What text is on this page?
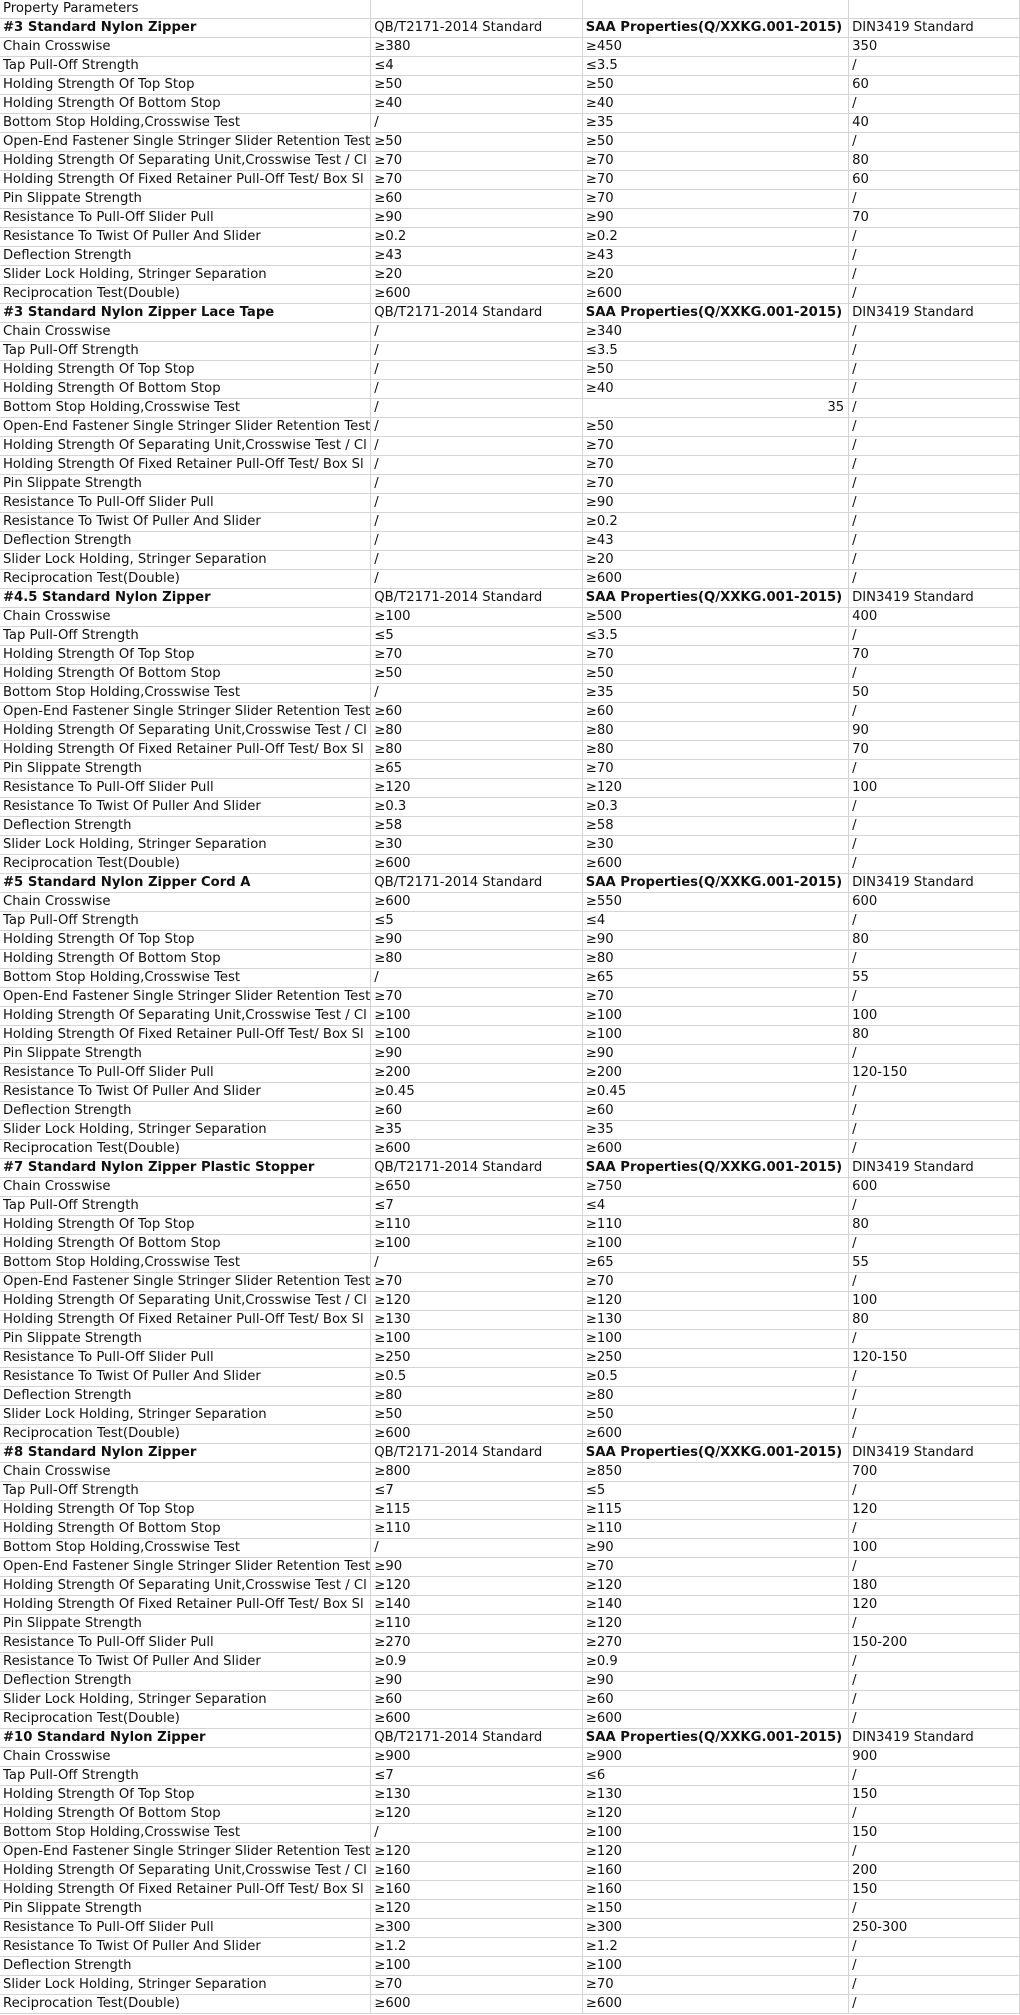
Property Parameters			
#3 Standard Nylon Zipper	QB/T2171-2014 Standard	SAA Properties(Q/XXKG.001-2015)	DIN3419 Standard
Chain Crosswise	≥380	≥450	350
Tap Pull-Off Strength	≤4	≤3.5	/
Holding Strength Of Top Stop	≥50	≥50	60
Holding Strength Of Bottom Stop	≥40	≥40	/
Bottom Stop Holding,Crosswise Test	/	≥35	40
Open-End Fastener Single Stringer Slider Retention Test	≥50	≥50	/
Holding Strength Of Separating Unit,Crosswise Test / Cl	≥70	≥70	80
Holding Strength Of Fixed Retainer Pull-Off Test/ Box Sl	≥70	≥70	60
Pin Slippate Strength	≥60	≥70	/
Resistance To Pull-Off Slider Pull	≥90	≥90	70
Resistance To Twist Of Puller And Slider	≥0.2	≥0.2	/
Deflection Strength	≥43	≥43	/
Slider Lock Holding, Stringer Separation	≥20	≥20	/
Reciprocation Test(Double)	≥600	≥600	/
#3 Standard Nylon Zipper Lace Tape	QB/T2171-2014 Standard	SAA Properties(Q/XXKG.001-2015)	DIN3419 Standard
Chain Crosswise	/	≥340	/
Tap Pull-Off Strength	/	≤3.5	/
Holding Strength Of Top Stop	/	≥50	/
Holding Strength Of Bottom Stop	/	≥40	/
Bottom Stop Holding,Crosswise Test	/	35	/
Open-End Fastener Single Stringer Slider Retention Test	/	≥50	/
Holding Strength Of Separating Unit,Crosswise Test / Cl	/	≥70	/
Holding Strength Of Fixed Retainer Pull-Off Test/ Box Sl	/	≥70	/
Pin Slippate Strength	/	≥70	/
Resistance To Pull-Off Slider Pull	/	≥90	/
Resistance To Twist Of Puller And Slider	/	≥0.2	/
Deflection Strength	/	≥43	/
Slider Lock Holding, Stringer Separation	/	≥20	/
Reciprocation Test(Double)	/	≥600	/
#4.5 Standard Nylon Zipper	QB/T2171-2014 Standard	SAA Properties(Q/XXKG.001-2015)	DIN3419 Standard
Chain Crosswise	≥100	≥500	400
Tap Pull-Off Strength	≤5	≤3.5	/
Holding Strength Of Top Stop	≥70	≥70	70
Holding Strength Of Bottom Stop	≥50	≥50	/
Bottom Stop Holding,Crosswise Test	/	≥35	50
Open-End Fastener Single Stringer Slider Retention Test	≥60	≥60	/
Holding Strength Of Separating Unit,Crosswise Test / Cl	≥80	≥80	90
Holding Strength Of Fixed Retainer Pull-Off Test/ Box Sl	≥80	≥80	70
Pin Slippate Strength	≥65	≥70	/
Resistance To Pull-Off Slider Pull	≥120	≥120	100
Resistance To Twist Of Puller And Slider	≥0.3	≥0.3	/
Deflection Strength	≥58	≥58	/
Slider Lock Holding, Stringer Separation	≥30	≥30	/
Reciprocation Test(Double)	≥600	≥600	/
#5 Standard Nylon Zipper Cord A	QB/T2171-2014 Standard	SAA Properties(Q/XXKG.001-2015)	DIN3419 Standard
Chain Crosswise	≥600	≥550	600
Tap Pull-Off Strength	≤5	≤4	/
Holding Strength Of Top Stop	≥90	≥90	80
Holding Strength Of Bottom Stop	≥80	≥80	/
Bottom Stop Holding,Crosswise Test	/	≥65	55
Open-End Fastener Single Stringer Slider Retention Test	≥70	≥70	/
Holding Strength Of Separating Unit,Crosswise Test / Cl	≥100	≥100	100
Holding Strength Of Fixed Retainer Pull-Off Test/ Box Sl	≥100	≥100	80
Pin Slippate Strength	≥90	≥90	/
Resistance To Pull-Off Slider Pull	≥200	≥200	120-150
Resistance To Twist Of Puller And Slider	≥0.45	≥0.45	/
Deflection Strength	≥60	≥60	/
Slider Lock Holding, Stringer Separation	≥35	≥35	/
Reciprocation Test(Double)	≥600	≥600	/
#7 Standard Nylon Zipper Plastic Stopper	QB/T2171-2014 Standard	SAA Properties(Q/XXKG.001-2015)	DIN3419 Standard
Chain Crosswise	≥650	≥750	600
Tap Pull-Off Strength	≤7	≤4	/
Holding Strength Of Top Stop	≥110	≥110	80
Holding Strength Of Bottom Stop	≥100	≥100	/
Bottom Stop Holding,Crosswise Test	/	≥65	55
Open-End Fastener Single Stringer Slider Retention Test	≥70	≥70	/
Holding Strength Of Separating Unit,Crosswise Test / Cl	≥120	≥120	100
Holding Strength Of Fixed Retainer Pull-Off Test/ Box Sl	≥130	≥130	80
Pin Slippate Strength	≥100	≥100	/
Resistance To Pull-Off Slider Pull	≥250	≥250	120-150
Resistance To Twist Of Puller And Slider	≥0.5	≥0.5	/
Deflection Strength	≥80	≥80	/
Slider Lock Holding, Stringer Separation	≥50	≥50	/
Reciprocation Test(Double)	≥600	≥600	/
#8 Standard Nylon Zipper	QB/T2171-2014 Standard	SAA Properties(Q/XXKG.001-2015)	DIN3419 Standard
Chain Crosswise	≥800	≥850	700
Tap Pull-Off Strength	≤7	≤5	/
Holding Strength Of Top Stop	≥115	≥115	120
Holding Strength Of Bottom Stop	≥110	≥110	/
Bottom Stop Holding,Crosswise Test	/	≥90	100
Open-End Fastener Single Stringer Slider Retention Test	≥90	≥70	/
Holding Strength Of Separating Unit,Crosswise Test / Cl	≥120	≥120	180
Holding Strength Of Fixed Retainer Pull-Off Test/ Box Sl	≥140	≥140	120
Pin Slippate Strength	≥110	≥120	/
Resistance To Pull-Off Slider Pull	≥270	≥270	150-200
Resistance To Twist Of Puller And Slider	≥0.9	≥0.9	/
Deflection Strength	≥90	≥90	/
Slider Lock Holding, Stringer Separation	≥60	≥60	/
Reciprocation Test(Double)	≥600	≥600	/
#10 Standard Nylon Zipper	QB/T2171-2014 Standard	SAA Properties(Q/XXKG.001-2015)	DIN3419 Standard
Chain Crosswise	≥900	≥900	900
Tap Pull-Off Strength	≤7	≤6	/
Holding Strength Of Top Stop	≥130	≥130	150
Holding Strength Of Bottom Stop	≥120	≥120	/
Bottom Stop Holding,Crosswise Test	/	≥100	150
Open-End Fastener Single Stringer Slider Retention Test	≥120	≥120	/
Holding Strength Of Separating Unit,Crosswise Test / Cl	≥160	≥160	200
Holding Strength Of Fixed Retainer Pull-Off Test/ Box Sl	≥160	≥160	150
Pin Slippate Strength	≥120	≥150	/
Resistance To Pull-Off Slider Pull	≥300	≥300	250-300
Resistance To Twist Of Puller And Slider	≥1.2	≥1.2	/
Deflection Strength	≥100	≥100	/
Slider Lock Holding, Stringer Separation	≥70	≥70	/
Reciprocation Test(Double)	≥600	≥600	/
